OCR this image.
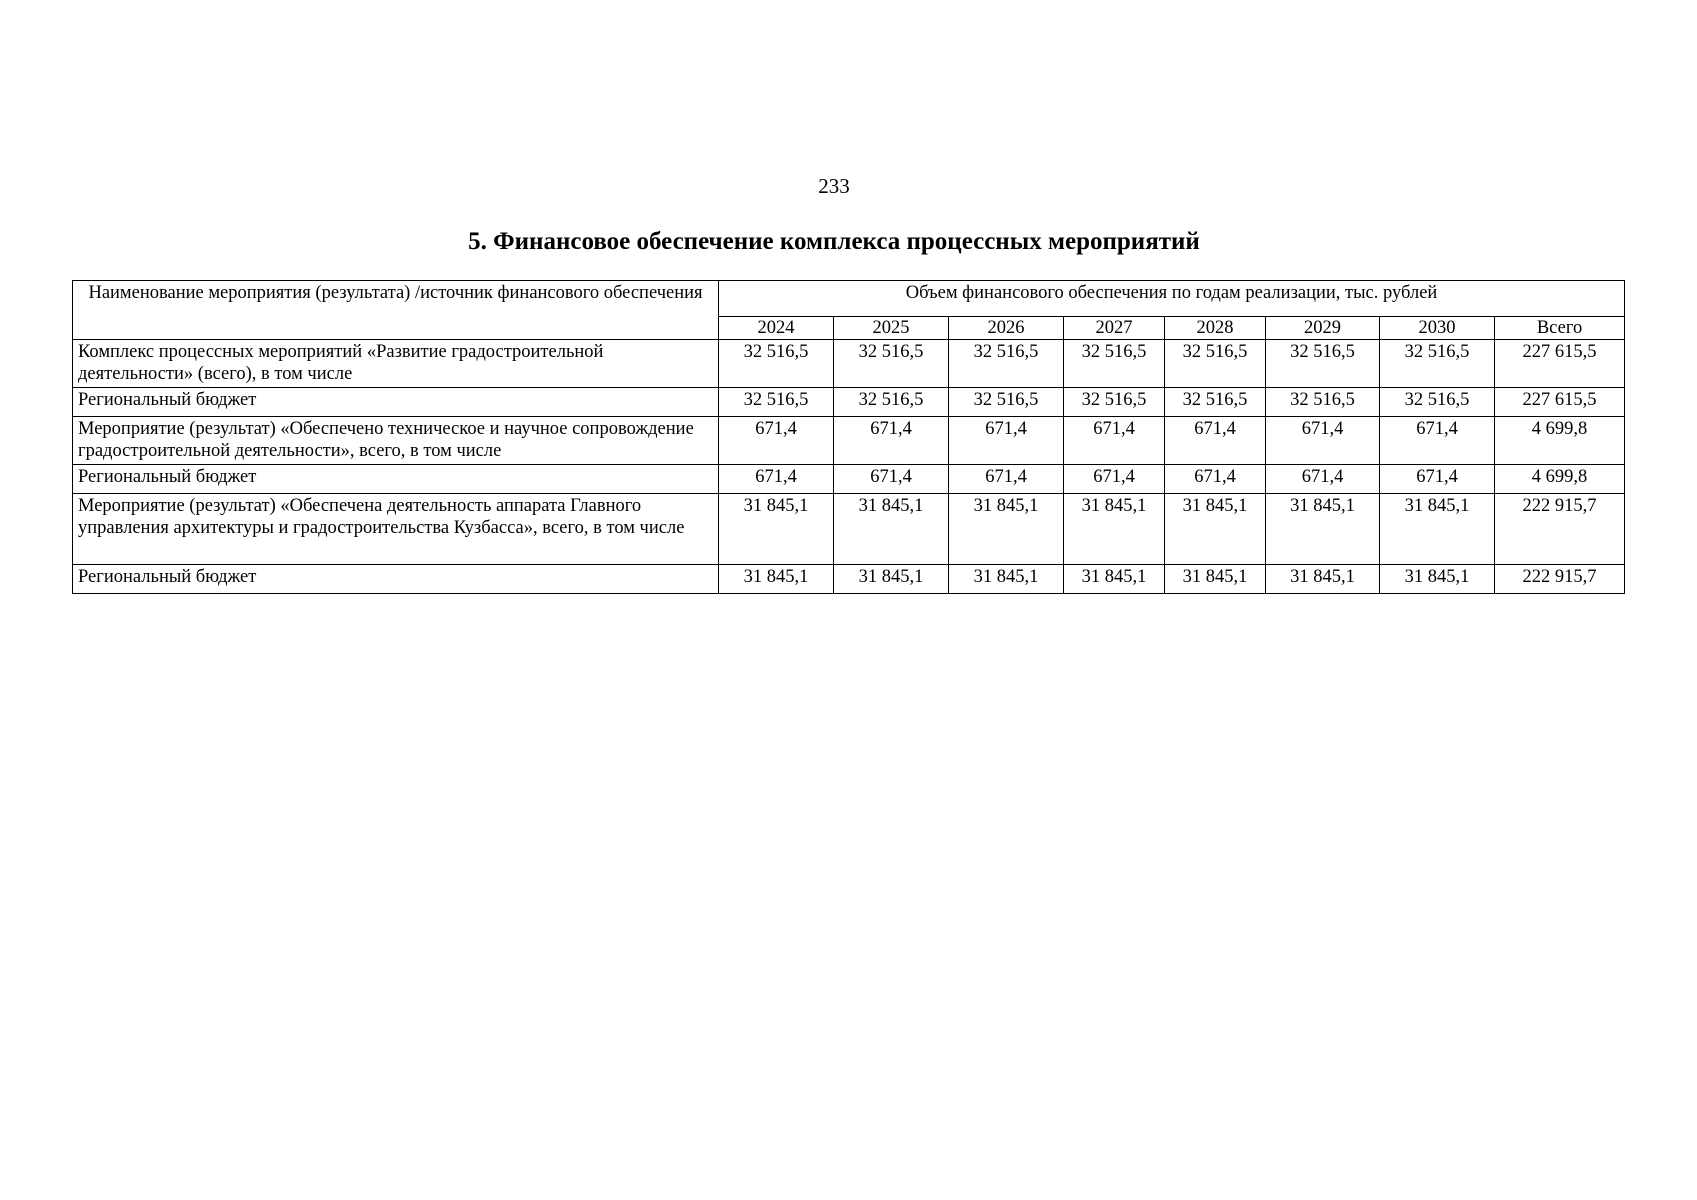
233
5. Финансовое обеспечение комплекса процессных мероприятий
Наименование мероприятия (результата) /источник финансового обеспечения	Объем финансового обеспечения по годам реализации, тыс. рублей							
	2024	2025	2026	2027	2028	2029	2030	Всего
Комплекс процессных мероприятий «Развитие градостроительной деятельности» (всего), в том числе	32 516,5	32 516,5	32 516,5	32 516,5	32 516,5	32 516,5	32 516,5	227 615,5
Региональный бюджет	32 516,5	32 516,5	32 516,5	32 516,5	32 516,5	32 516,5	32 516,5	227 615,5
Мероприятие (результат) «Обеспечено техническое и научное сопровождение градостроительной деятельности», всего, в том числе	671,4	671,4	671,4	671,4	671,4	671,4	671,4	4 699,8
Региональный бюджет	671,4	671,4	671,4	671,4	671,4	671,4	671,4	4 699,8
Мероприятие (результат) «Обеспечена деятельность аппарата Главного управления архитектуры и градостроительства Кузбасса», всего, в том числе	31 845,1	31 845,1	31 845,1	31 845,1	31 845,1	31 845,1	31 845,1	222 915,7
Региональный бюджет	31 845,1	31 845,1	31 845,1	31 845,1	31 845,1	31 845,1	31 845,1	222 915,7
